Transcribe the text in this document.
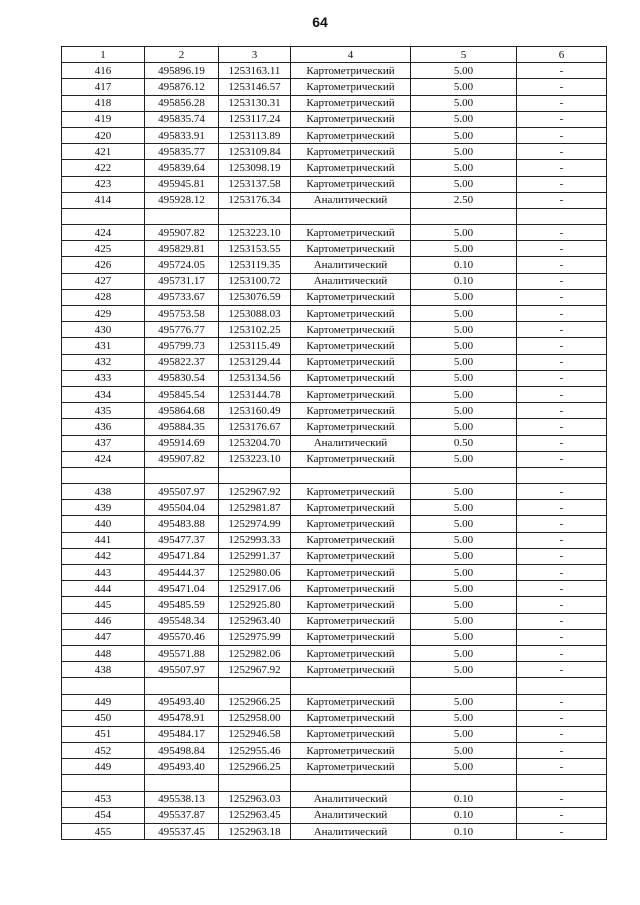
64
1	2	3	4	5	6
416	495896.19	1253163.11	Картометрический	5.00	-
417	495876.12	1253146.57	Картометрический	5.00	-
418	495856.28	1253130.31	Картометрический	5.00	-
419	495835.74	1253117.24	Картометрический	5.00	-
420	495833.91	1253113.89	Картометрический	5.00	-
421	495835.77	1253109.84	Картометрический	5.00	-
422	495839.64	1253098.19	Картометрический	5.00	-
423	495945.81	1253137.58	Картометрический	5.00	-
414	495928.12	1253176.34	Аналитический	2.50	-

424	495907.82	1253223.10	Картометрический	5.00	-
425	495829.81	1253153.55	Картометрический	5.00	-
426	495724.05	1253119.35	Аналитический	0.10	-
427	495731.17	1253100.72	Аналитический	0.10	-
428	495733.67	1253076.59	Картометрический	5.00	-
429	495753.58	1253088.03	Картометрический	5.00	-
430	495776.77	1253102.25	Картометрический	5.00	-
431	495799.73	1253115.49	Картометрический	5.00	-
432	495822.37	1253129.44	Картометрический	5.00	-
433	495830.54	1253134.56	Картометрический	5.00	-
434	495845.54	1253144.78	Картометрический	5.00	-
435	495864.68	1253160.49	Картометрический	5.00	-
436	495884.35	1253176.67	Картометрический	5.00	-
437	495914.69	1253204.70	Аналитический	0.50	-
424	495907.82	1253223.10	Картометрический	5.00	-

438	495507.97	1252967.92	Картометрический	5.00	-
439	495504.04	1252981.87	Картометрический	5.00	-
440	495483.88	1252974.99	Картометрический	5.00	-
441	495477.37	1252993.33	Картометрический	5.00	-
442	495471.84	1252991.37	Картометрический	5.00	-
443	495444.37	1252980.06	Картометрический	5.00	-
444	495471.04	1252917.06	Картометрический	5.00	-
445	495485.59	1252925.80	Картометрический	5.00	-
446	495548.34	1252963.40	Картометрический	5.00	-
447	495570.46	1252975.99	Картометрический	5.00	-
448	495571.88	1252982.06	Картометрический	5.00	-
438	495507.97	1252967.92	Картометрический	5.00	-

449	495493.40	1252966.25	Картометрический	5.00	-
450	495478.91	1252958.00	Картометрический	5.00	-
451	495484.17	1252946.58	Картометрический	5.00	-
452	495498.84	1252955.46	Картометрический	5.00	-
449	495493.40	1252966.25	Картометрический	5.00	-

453	495538.13	1252963.03	Аналитический	0.10	-
454	495537.87	1252963.45	Аналитический	0.10	-
455	495537.45	1252963.18	Аналитический	0.10	-
